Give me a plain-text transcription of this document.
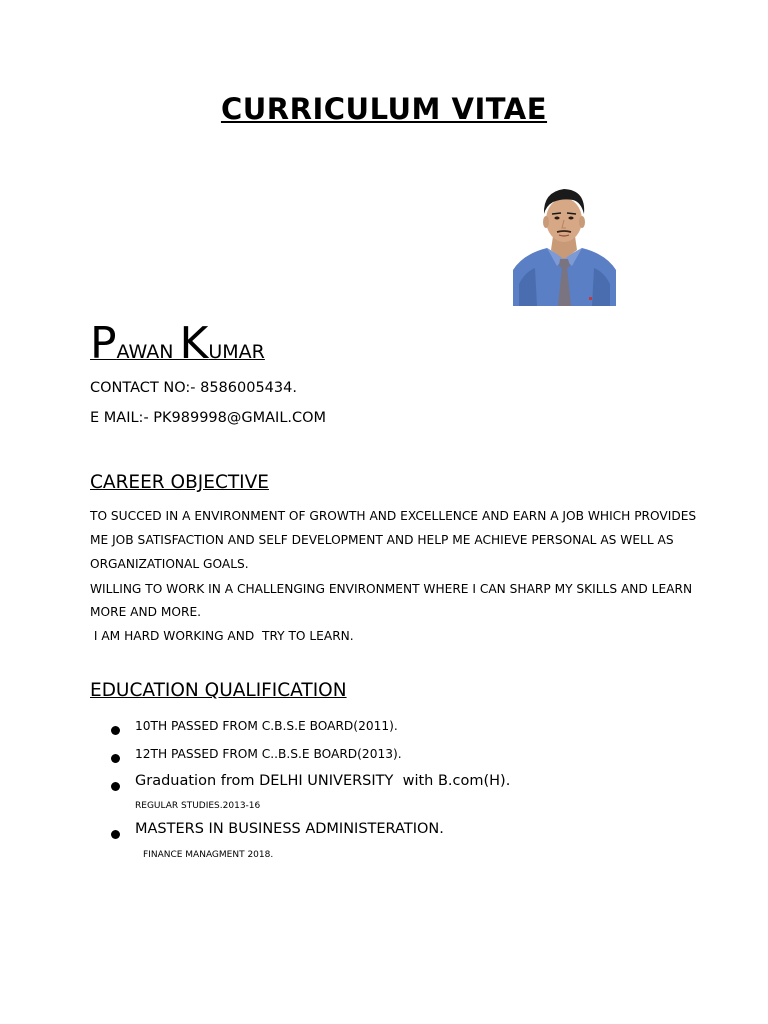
CURRICULUM VITAE
PAWAN KUMAR
CONTACT NO:- 8586005434.
E MAIL:- PK989998@GMAIL.COM
CAREER OBJECTIVE
TO SUCCED IN A ENVIRONMENT OF GROWTH AND EXCELLENCE AND EARN A JOB WHICH PROVIDES
ME JOB SATISFACTION AND SELF DEVELOPMENT AND HELP ME ACHIEVE PERSONAL AS WELL AS
ORGANIZATIONAL GOALS.
WILLING TO WORK IN A CHALLENGING ENVIRONMENT WHERE I CAN SHARP MY SKILLS AND LEARN
MORE AND MORE.
I AM HARD WORKING AND  TRY TO LEARN.
EDUCATION QUALIFICATION
10TH PASSED FROM C.B.S.E BOARD(2011).
12TH PASSED FROM C..B.S.E BOARD(2013).
Graduation from DELHI UNIVERSITY  with B.com(H).
REGULAR STUDIES.2013-16
MASTERS IN BUSINESS ADMINISTERATION.
FINANCE MANAGMENT 2018.
